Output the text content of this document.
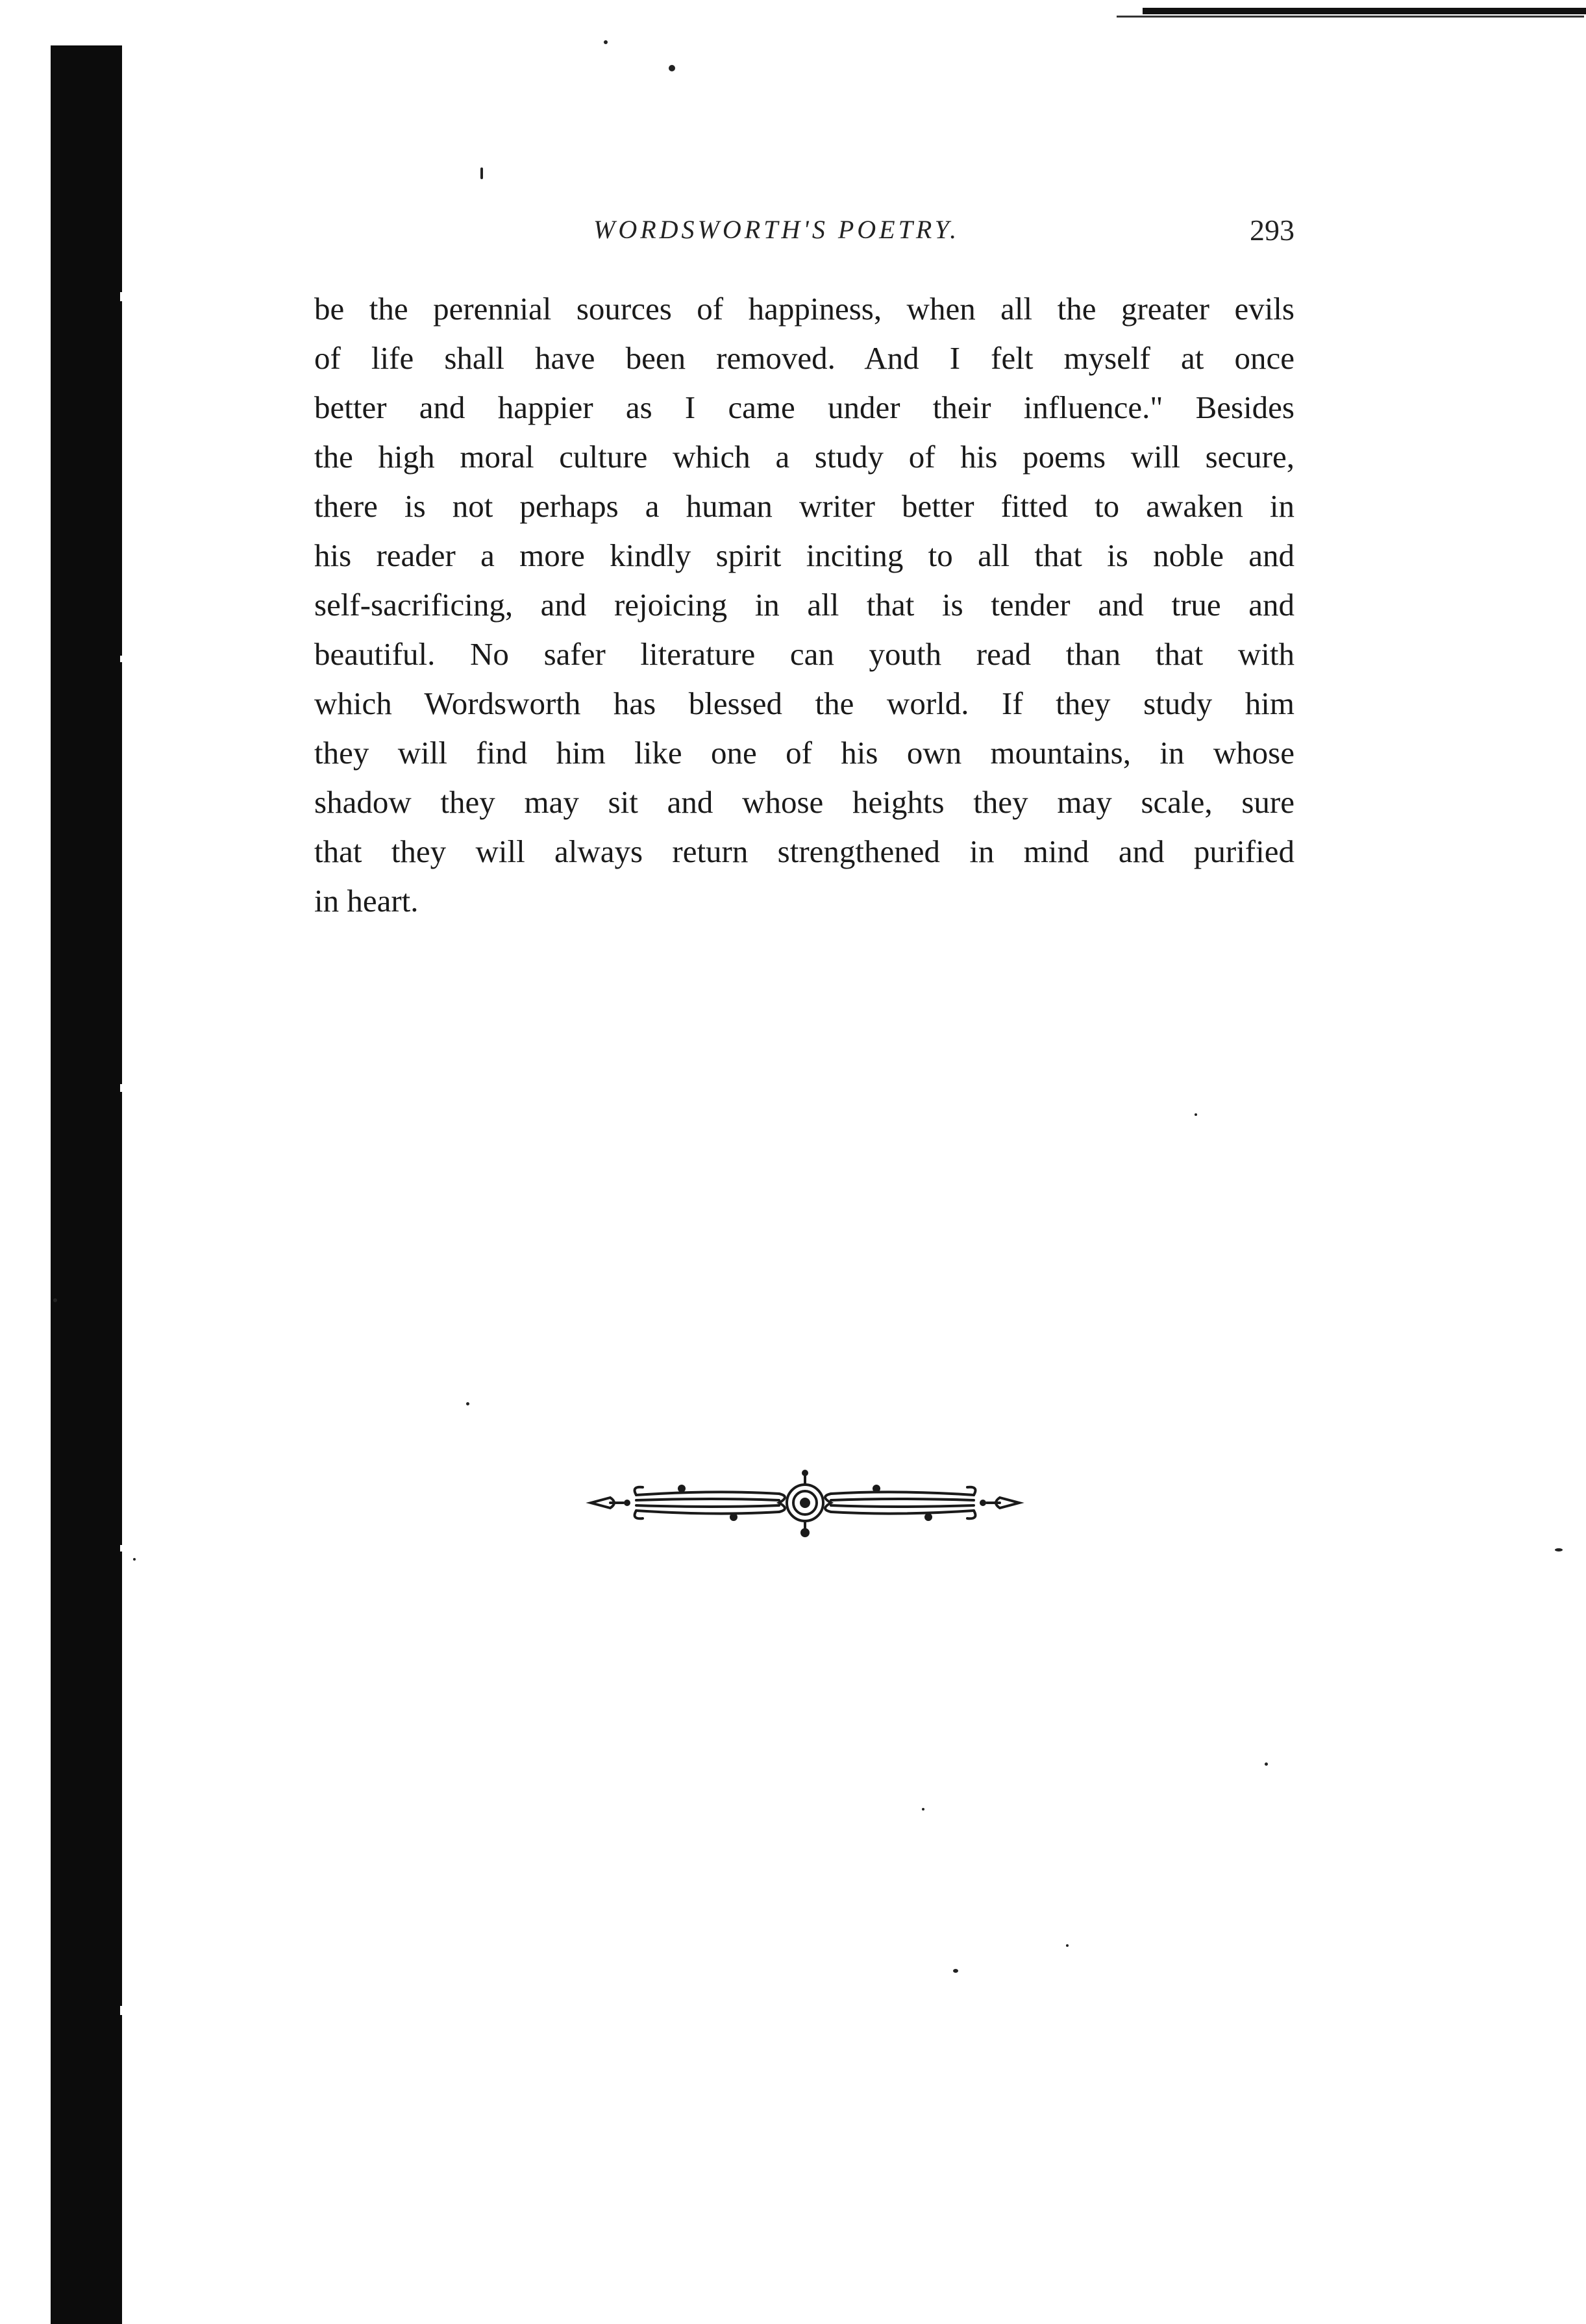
WORDSWORTH'S POETRY.	293
be the perennial sources of happiness, when all the greater evils
of life shall have been removed. And I felt myself at once
better and happier as I came under their influence." Besides
the high moral culture which a study of his poems will secure,
there is not perhaps a human writer better fitted to awaken in
his reader a more kindly spirit inciting to all that is noble and
self-sacrificing, and rejoicing in all that is tender and true and
beautiful. No safer literature can youth read than that with
which Wordsworth has blessed the world. If they study him
they will find him like one of his own mountains, in whose
shadow they may sit and whose heights they may scale, sure
that they will always return strengthened in mind and purified
in heart.
